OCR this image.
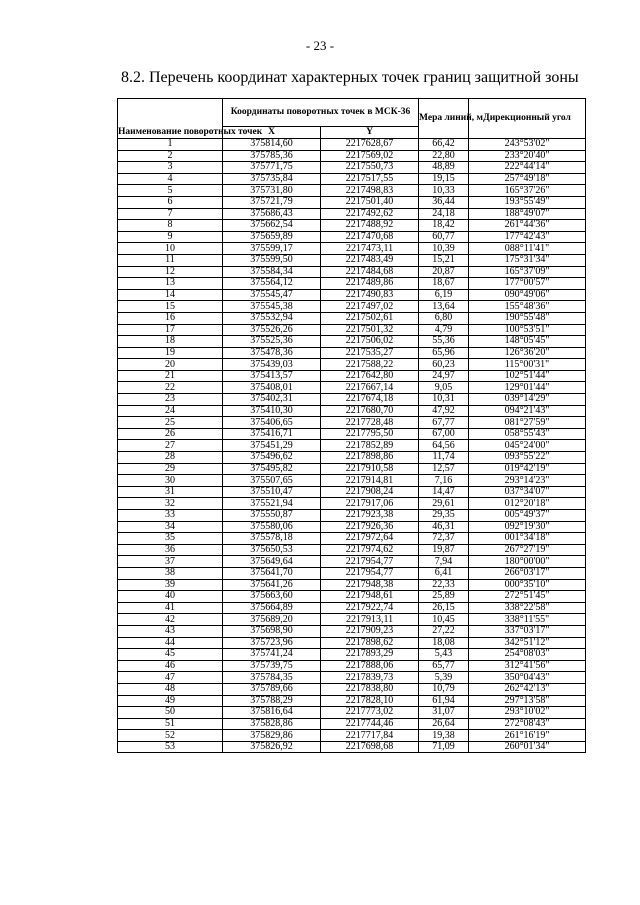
- 23 -
8.2. Перечень координат характерных точек границ защитной зоны
Наименование поворотных точек	Координаты поворотных точек в МСК-36		Мера линий, м	Дирекционный угол
	X	Y		
1	375814,60	2217628,67	66,42	243°53'02"
2	375785,36	2217569,02	22,80	233°20'40"
3	375771,75	2217550,73	48,89	222°44'14"
4	375735,84	2217517,55	19,15	257°49'18"
5	375731,80	2217498,83	10,33	165°37'26"
6	375721,79	2217501,40	36,44	193°55'49"
7	375686,43	2217492,62	24,18	188°49'07"
8	375662,54	2217488,92	18,42	261°44'36"
9	375659,89	2217470,68	60,77	177°42'43"
10	375599,17	2217473,11	10,39	088°11'41"
11	375599,50	2217483,49	15,21	175°31'34"
12	375584,34	2217484,68	20,87	165°37'09"
13	375564,12	2217489,86	18,67	177°00'57"
14	375545,47	2217490,83	6,19	090°49'06"
15	375545,38	2217497,02	13,64	155°48'36"
16	375532,94	2217502,61	6,80	190°55'48"
17	375526,26	2217501,32	4,79	100°53'51"
18	375525,36	2217506,02	55,36	148°05'45"
19	375478,36	2217535,27	65,96	126°36'20"
20	375439,03	2217588,22	60,23	115°00'31"
21	375413,57	2217642,80	24,97	102°51'44"
22	375408,01	2217667,14	9,05	129°01'44"
23	375402,31	2217674,18	10,31	039°14'29"
24	375410,30	2217680,70	47,92	094°21'43"
25	375406,65	2217728,48	67,77	081°27'59"
26	375416,71	2217795,50	67,00	058°55'43"
27	375451,29	2217852,89	64,56	045°24'00"
28	375496,62	2217898,86	11,74	093°55'22"
29	375495,82	2217910,58	12,57	019°42'19"
30	375507,65	2217914,81	7,16	293°14'23"
31	375510,47	2217908,24	14,47	037°34'07"
32	375521,94	2217917,06	29,61	012°20'18"
33	375550,87	2217923,38	29,35	005°49'37"
34	375580,06	2217926,36	46,31	092°19'30"
35	375578,18	2217972,64	72,37	001°34'18"
36	375650,53	2217974,62	19,87	267°27'19"
37	375649,64	2217954,77	7,94	180°00'00"
38	375641,70	2217954,77	6,41	266°03'17"
39	375641,26	2217948,38	22,33	000°35'10"
40	375663,60	2217948,61	25,89	272°51'45"
41	375664,89	2217922,74	26,15	338°22'58"
42	375689,20	2217913,11	10,45	338°11'55"
43	375698,90	2217909,23	27,22	337°03'17"
44	375723,96	2217898,62	18,08	342°51'12"
45	375741,24	2217893,29	5,43	254°08'03"
46	375739,75	2217888,06	65,77	312°41'56"
47	375784,35	2217839,73	5,39	350°04'43"
48	375789,66	2217838,80	10,79	262°42'13"
49	375788,29	2217828,10	61,94	297°13'58"
50	375816,64	2217773,02	31,07	293°10'02"
51	375828,86	2217744,46	26,64	272°08'43"
52	375829,86	2217717,84	19,38	261°16'19"
53	375826,92	2217698,68	71,09	260°01'34"
